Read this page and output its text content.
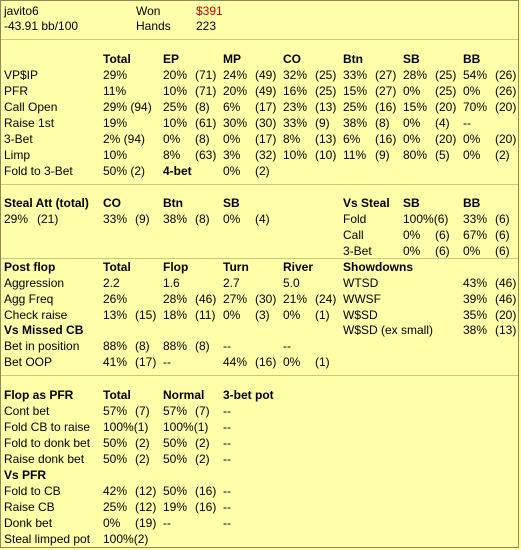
javito6
-43.91 bb/100
Won	$391
Hands 223
Total	EP	MP	CO	Btn	SB	BB
VP$IP	29%	20% (71) 24% (49) 32% (25) 33% (27) 28% (25) 54% (26)
PFR	11%	10% (71) 20% (49) 16% (25) 15% (27) 0% (25) 0% (26)
Call Open	29% (94) 25% (8) 6% (17) 23% (13) 25% (16) 15% (20) 70% (20)
Raise 1st	19%	10% (61) 30% (30) 33% (9) 38% (8) 0% (4) --
3-Bet	2% (94) 0% (8) 0% (17) 8% (13) 6% (16) 0% (20) 0% (20)
Limp	10%	8% (63) 3% (32) 10% (10) 11% (9) 80% (5) 0% (2)
Fold to 3-Bet	50% (2) 4-bet	0% (2)
Steal Att (total) CO	Btn	SB
29% (21)	33% (9) 38% (8) 0% (4)
Vs Steal SB	BB
Fold	100%(6) 33% (6)
Call	0% (6) 67% (6)
3-Bet	0% (6) 0% (6)
Post flop	Total	Flop	Turn	River
Aggression	2.2	1.6	2.7	5.0
Agg Freq	26%	28% (46) 27% (30) 21% (24)
Check raise	13% (15) 18% (11) 0% (3) 0% (1)
Vs Missed CB
Bet in position 88% (8) 88% (8) --	--
Bet OOP	41% (17) --	44% (16) 0% (1)
Showdowns
WTSD	43% (46)
WWSF	39% (46)
W$SD	35% (20)
W$SD (ex small) 38% (13)
Flop as PFR Total	Normal 3-bet pot
Cont bet	57% (7) 57% (7) --
Fold CB to raise 100%(1) 100%(1) --
Fold to donk bet 50% (2) 50% (2) --
Raise donk bet 50% (2) 50% (2) --
Vs PFR
Fold to CB	42% (12) 50% (16) --
Raise CB	25% (12) 19% (16) --
Donk bet	0% (19) --	--
Steal limped pot 100%(2)
